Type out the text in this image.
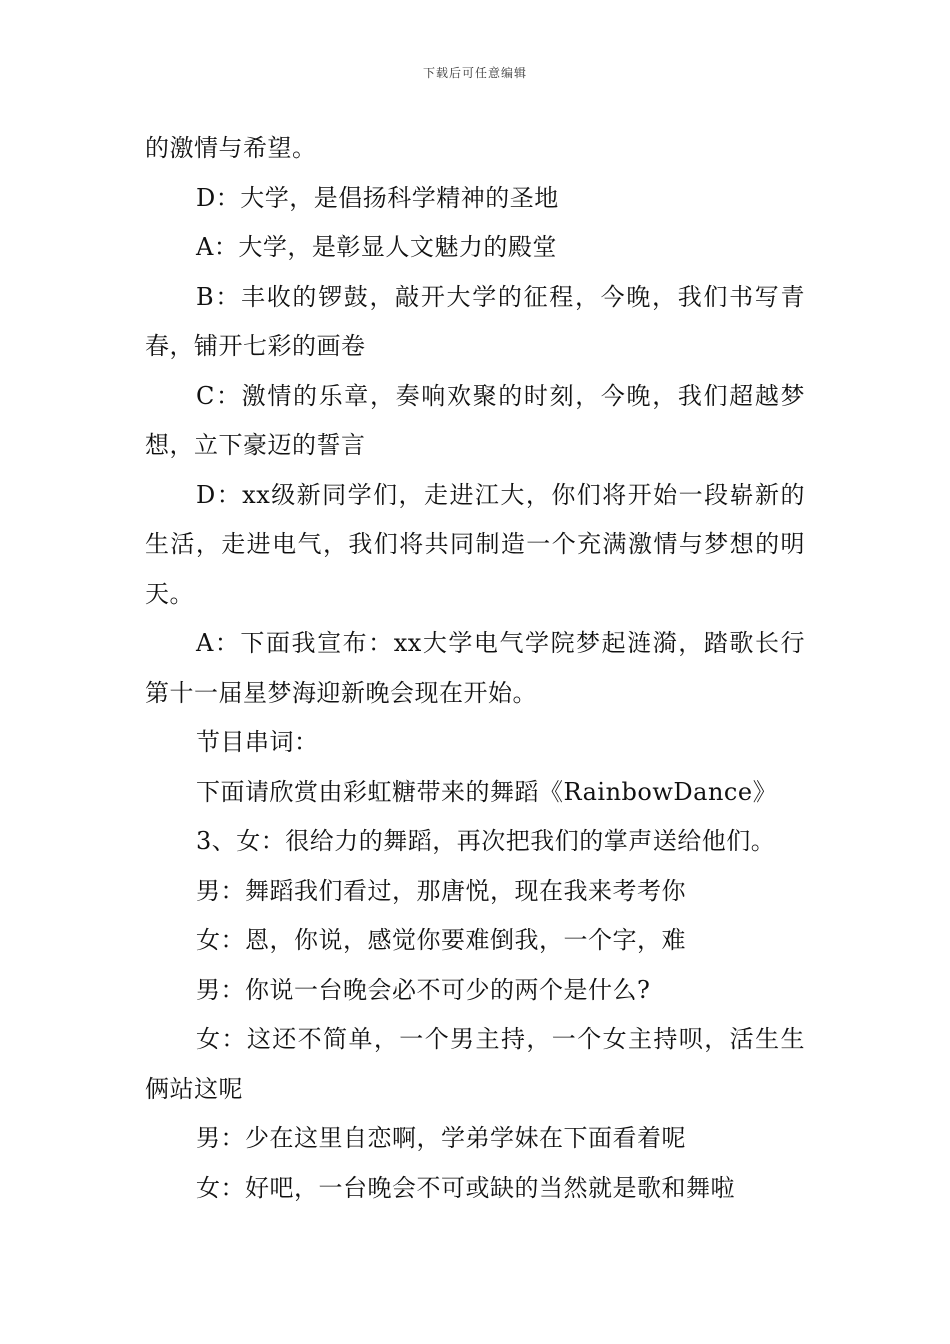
下载后可任意编辑

的激情与希望。

D：大学，是倡扬科学精神的圣地

A：大学，是彰显人文魅力的殿堂

B：丰收的锣鼓，敲开大学的征程，今晚，我们书写青春，铺开七彩的画卷

C：激情的乐章，奏响欢聚的时刻，今晚，我们超越梦想，立下豪迈的誓言

D：xx级新同学们，走进江大，你们将开始一段崭新的生活，走进电气，我们将共同制造一个充满激情与梦想的明天。

A：下面我宣布：xx大学电气学院梦起涟漪，踏歌长行第十一届星梦海迎新晚会现在开始。

节目串词：

下面请欣赏由彩虹糖带来的舞蹈《RainbowDance》

3、女：很给力的舞蹈，再次把我们的掌声送给他们。

男：舞蹈我们看过，那唐悦，现在我来考考你

女：恩，你说，感觉你要难倒我，一个字，难

男：你说一台晚会必不可少的两个是什么?

女：这还不简单，一个男主持，一个女主持呗，活生生俩站这呢

男：少在这里自恋啊，学弟学妹在下面看着呢

女：好吧，一台晚会不可或缺的当然就是歌和舞啦
